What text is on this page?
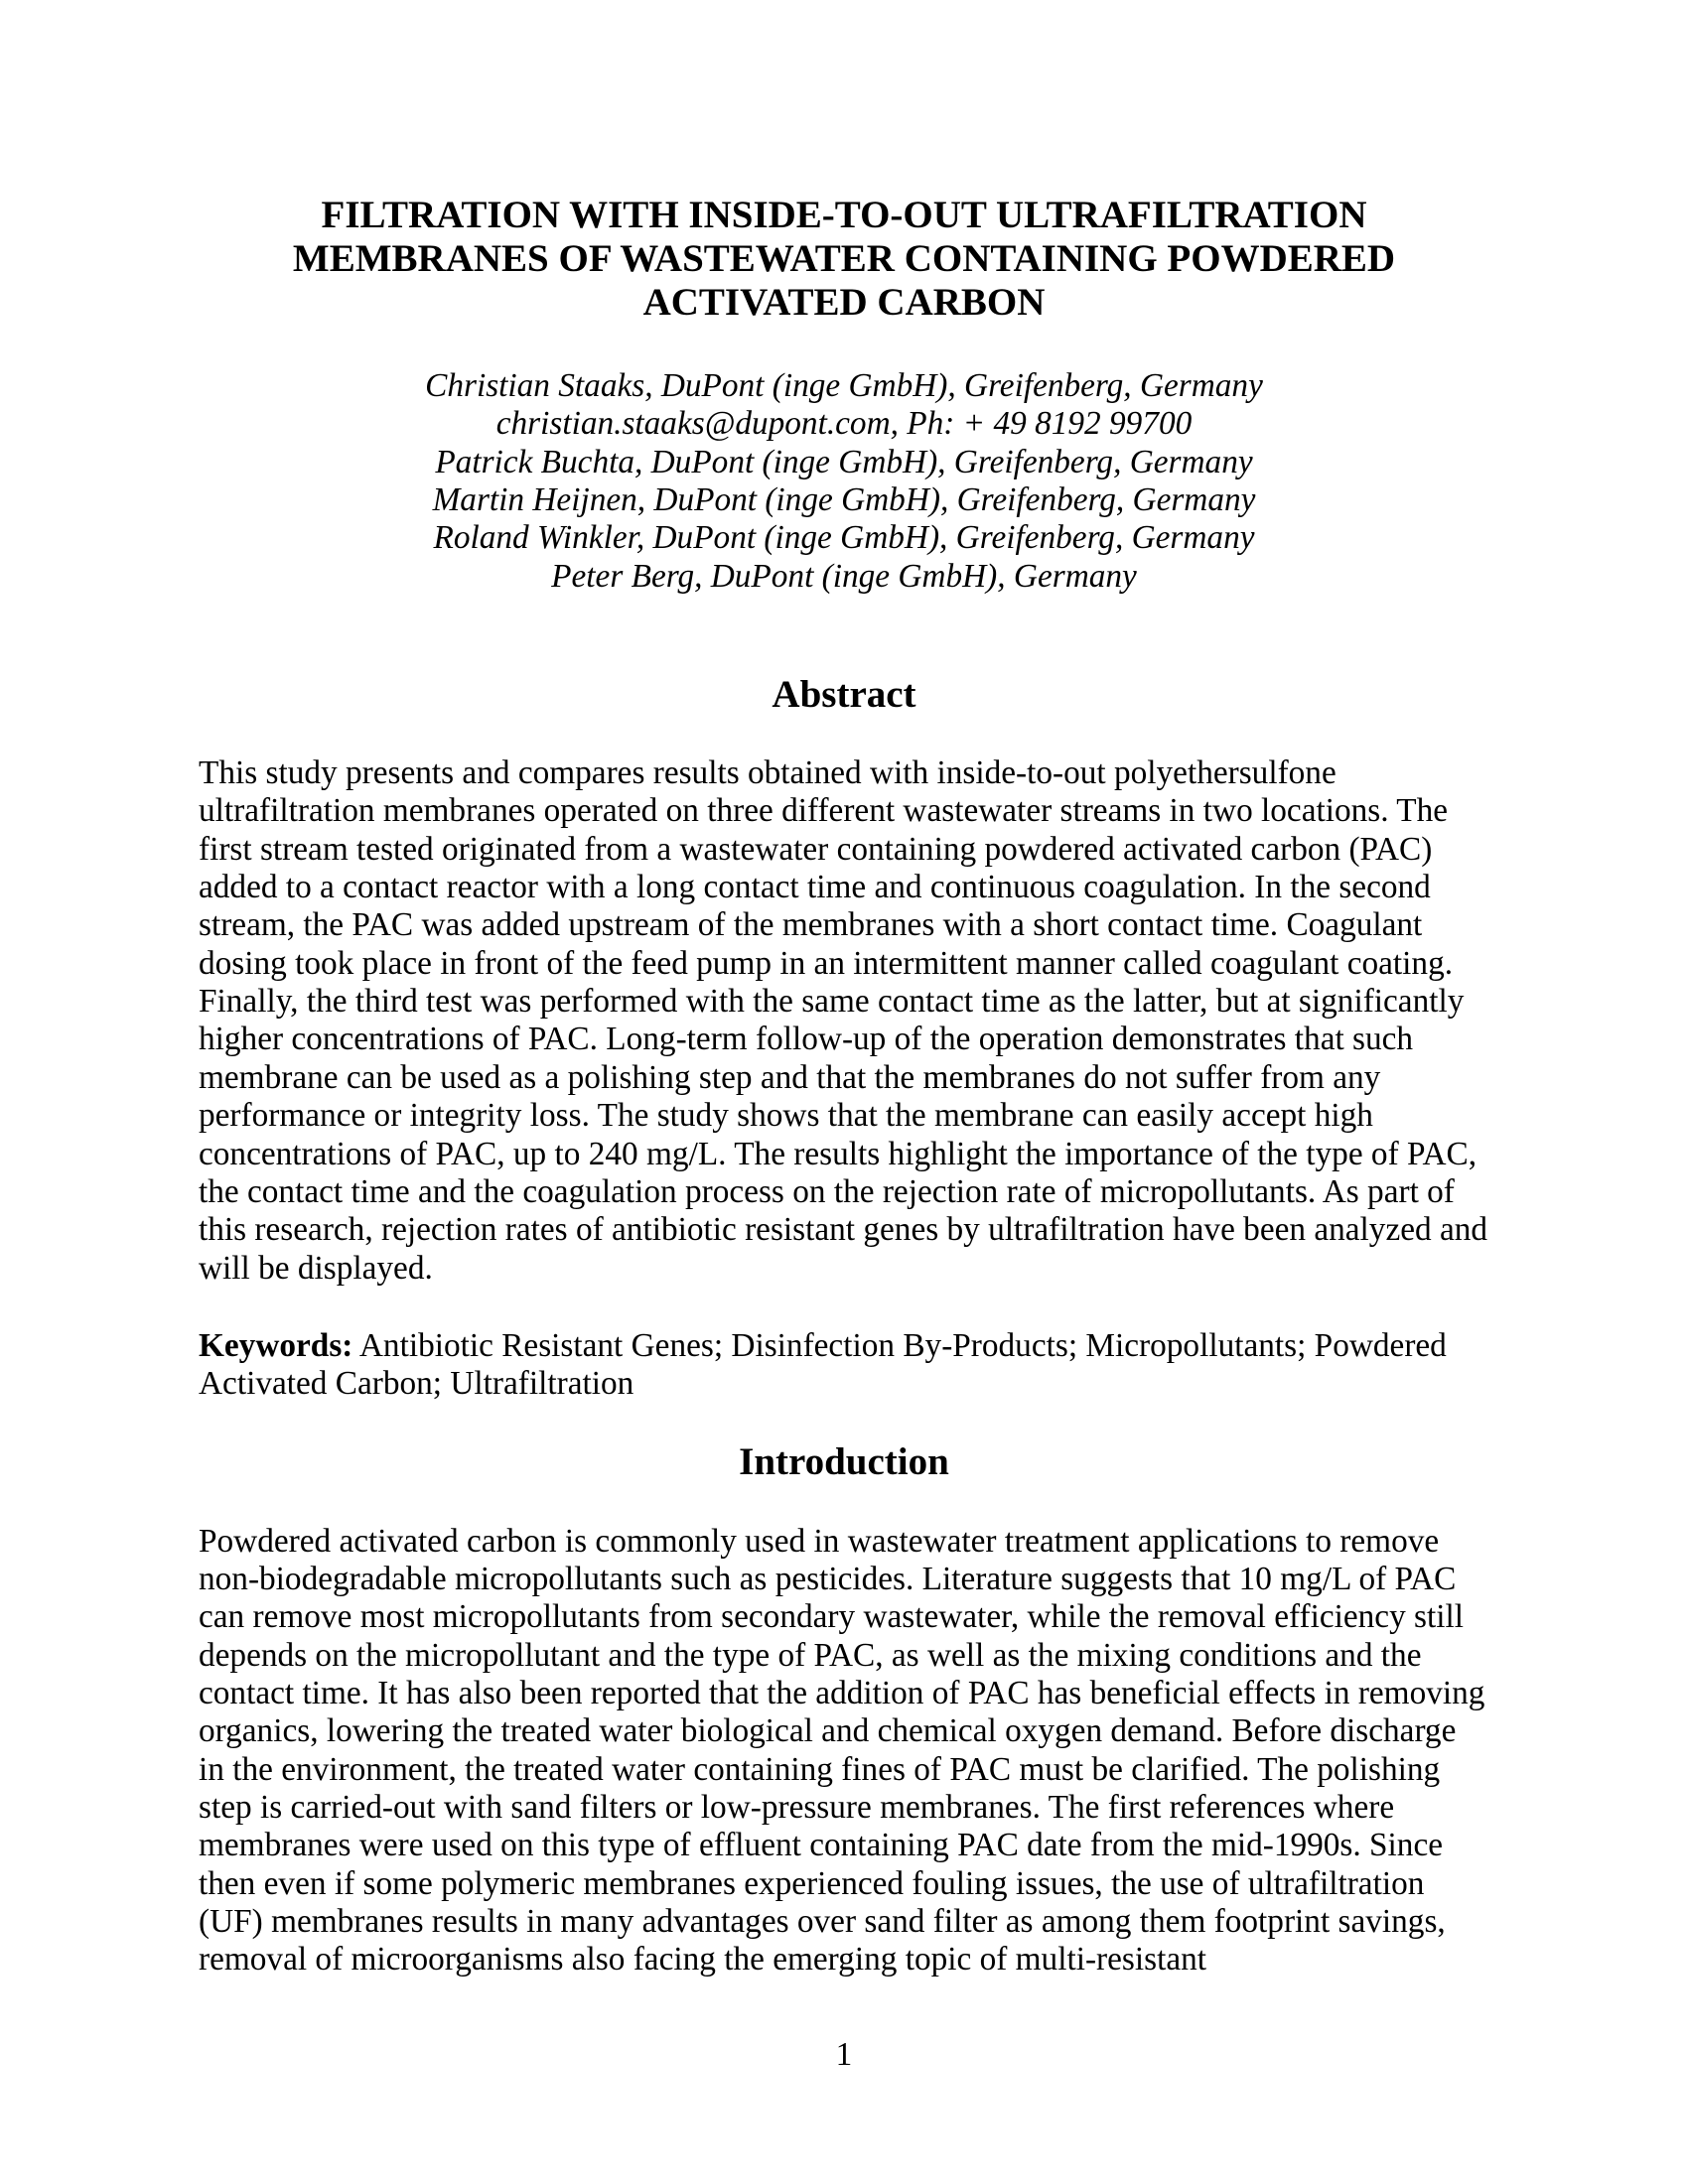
FILTRATION WITH INSIDE-TO-OUT ULTRAFILTRATION
MEMBRANES OF WASTEWATER CONTAINING POWDERED
ACTIVATED CARBON
Christian Staaks, DuPont (inge GmbH), Greifenberg, Germany
christian.staaks@dupont.com, Ph: + 49 8192 99700
Patrick Buchta, DuPont (inge GmbH), Greifenberg, Germany
Martin Heijnen, DuPont (inge GmbH), Greifenberg, Germany
Roland Winkler, DuPont (inge GmbH), Greifenberg, Germany
Peter Berg, DuPont (inge GmbH), Germany
Abstract

This study presents and compares results obtained with inside-to-out polyethersulfone ultrafiltration membranes operated on three different wastewater streams in two locations. The first stream tested originated from a wastewater containing powdered activated carbon (PAC) added to a contact reactor with a long contact time and continuous coagulation. In the second stream, the PAC was added upstream of the membranes with a short contact time. Coagulant dosing took place in front of the feed pump in an intermittent manner called coagulant coating. Finally, the third test was performed with the same contact time as the latter, but at significantly higher concentrations of PAC. Long-term follow-up of the operation demonstrates that such membrane can be used as a polishing step and that the membranes do not suffer from any performance or integrity loss. The study shows that the membrane can easily accept high concentrations of PAC, up to 240 mg/L. The results highlight the importance of the type of PAC, the contact time and the coagulation process on the rejection rate of micropollutants. As part of this research, rejection rates of antibiotic resistant genes by ultrafiltration have been analyzed and will be displayed.

Keywords: Antibiotic Resistant Genes; Disinfection By-Products; Micropollutants; Powdered Activated Carbon; Ultrafiltration

Introduction

Powdered activated carbon is commonly used in wastewater treatment applications to remove non-biodegradable micropollutants such as pesticides. Literature suggests that 10 mg/L of PAC can remove most micropollutants from secondary wastewater, while the removal efficiency still depends on the micropollutant and the type of PAC, as well as the mixing conditions and the contact time. It has also been reported that the addition of PAC has beneficial effects in removing organics, lowering the treated water biological and chemical oxygen demand. Before discharge in the environment, the treated water containing fines of PAC must be clarified. The polishing step is carried-out with sand filters or low-pressure membranes. The first references where membranes were used on this type of effluent containing PAC date from the mid-1990s. Since then even if some polymeric membranes experienced fouling issues, the use of ultrafiltration (UF) membranes results in many advantages over sand filter as among them footprint savings, removal of microorganisms also facing the emerging topic of multi-resistant

1
